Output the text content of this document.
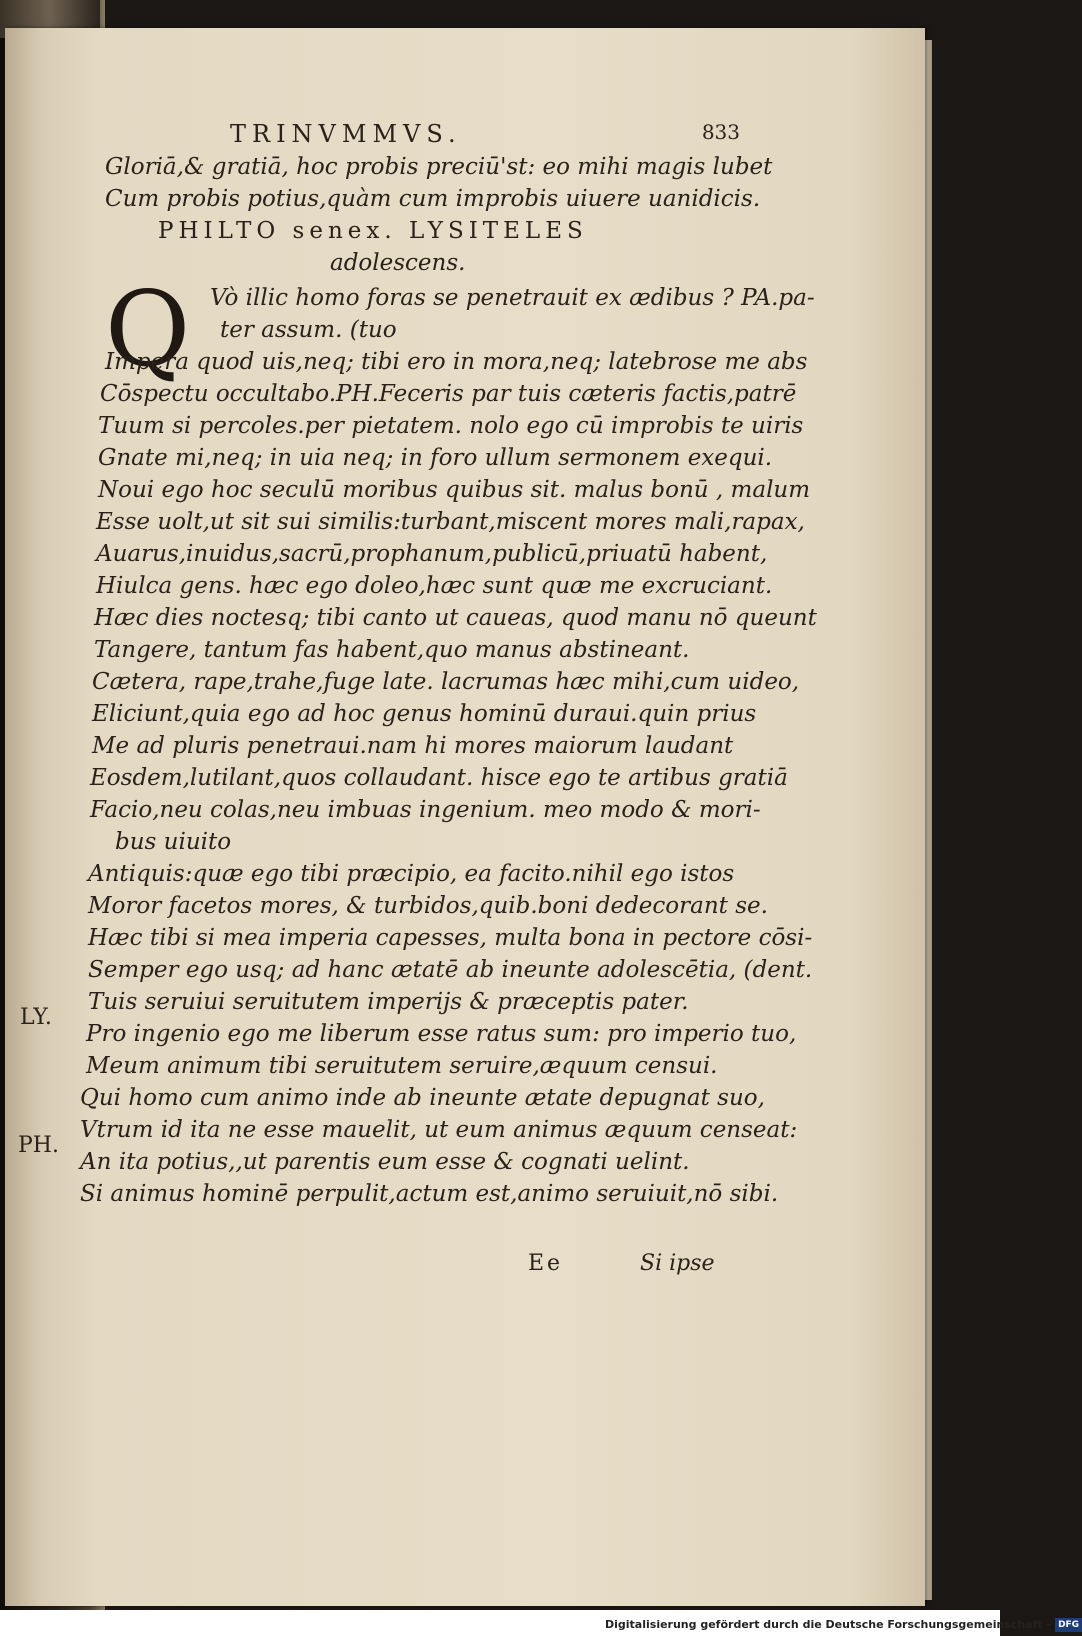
TRINVMMVS.	833
Q
Gloriā,& gratiā, hoc probis preciū'st: eo mihi magis lubet
Cum probis potius,quàm cum improbis uiuere uanidicis.
PHILTO senex. LYSITELES
adolescens.
Vò illic homo foras se penetrauit ex ædibus ? PA.pa-
ter assum. (tuo
Impera quod uis,neq; tibi ero in mora,neq; latebrose me abs
Cōspectu occultabo.PH.Feceris par tuis cæteris factis,patrē
Tuum si percoles.per pietatem. nolo ego cū improbis te uiris
Gnate mi,neq; in uia neq; in foro ullum sermonem exequi.
Noui ego hoc seculū moribus quibus sit. malus bonū , malum
Esse uolt,ut sit sui similis:turbant,miscent mores mali,rapax,
Auarus,inuidus,sacrū,prophanum,publicū,priuatū habent,
Hiulca gens. hæc ego doleo,hæc sunt quæ me excruciant.
Hæc dies noctesq; tibi canto ut caueas, quod manu nō queunt
Tangere, tantum fas habent,quo manus abstineant.
Cætera, rape,trahe,fuge late. lacrumas hæc mihi,cum uideo,
Eliciunt,quia ego ad hoc genus hominū duraui.quin prius
Me ad pluris penetraui.nam hi mores maiorum laudant
Eosdem,lutilant,quos collaudant. hisce ego te artibus gratiā
Facio,neu colas,neu imbuas ingenium. meo modo & mori-
bus uiuito
Antiquis:quæ ego tibi præcipio, ea facito.nihil ego istos
Moror facetos mores, & turbidos,quib.boni dedecorant se.
Hæc tibi si mea imperia capesses, multa bona in pectore cōsi-
Semper ego usq; ad hanc ætatē ab ineunte adolescētia, (dent.
Tuis seruiui seruitutem imperijs & præceptis pater.
Pro ingenio ego me liberum esse ratus sum: pro imperio tuo,
Meum animum tibi seruitutem seruire,æquum censui.
Qui homo cum animo inde ab ineunte ætate depugnat suo,
Vtrum id ita ne esse mauelit, ut eum animus æquum censeat:
An ita potius,,ut parentis eum esse & cognati uelint.
Si animus hominē perpulit,actum est,animo seruiuit,nō sibi.
LY.
PH.
Ee	Si ipse
Digitalisierung gefördert durch die Deutsche Forschungsgemeinschaft - DFG
